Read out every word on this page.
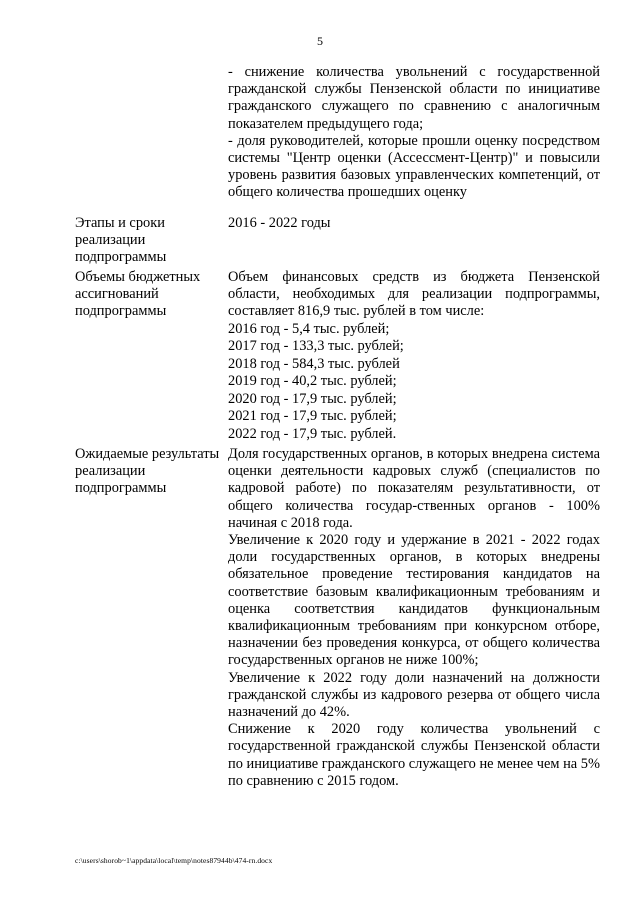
5

- снижение количества увольнений с государственной гражданской службы Пензенской области по инициативе гражданского служащего по сравнению с аналогичным показателем предыдущего года;

- доля руководителей, которые прошли оценку посредством системы "Центр оценки (Ассессмент-Центр)" и повысили уровень развития базовых управленческих компетенций, от общего количества прошедших оценку

Этапы и сроки реализации подпрограммы

2016 - 2022 годы

Объемы бюджетных ассигнований подпрограммы

Объем финансовых средств из бюджета Пензенской области, необходимых для реализации подпрограммы, составляет 816,9 тыс. рублей в том числе:

2016 год - 5,4 тыс. рублей;

2017 год - 133,3 тыс. рублей;

2018 год - 584,3 тыс. рублей

2019 год - 40,2 тыс. рублей;

2020 год - 17,9 тыс. рублей;

2021 год - 17,9 тыс. рублей;

2022 год - 17,9 тыс. рублей.

Ожидаемые результаты реализации подпрограммы

Доля государственных органов, в которых внедрена система оценки деятельности кадровых служб (специалистов по кадровой работе) по показателям результативности, от общего количества государ-ственных органов - 100% начиная с 2018 года.

Увеличение к 2020 году и удержание в 2021 - 2022 годах доли государственных органов, в которых внедрены обязательное проведение тестирования кандидатов на соответствие базовым квалификационным требованиям и оценка соответствия кандидатов функциональным квалификационным требованиям при конкурсном отборе, назначении без проведения конкурса, от общего количества государственных органов не ниже 100%;

Увеличение к 2022 году доли назначений на должности гражданской службы из кадрового резерва от общего числа назначений до 42%.

Снижение к 2020 году количества увольнений с государственной гражданской службы Пензенской области по инициативе гражданского служащего не менее чем на 5% по сравнению с 2015 годом.

c:\users\shorob~1\appdata\local\temp\notes87944b\474-rn.docx
